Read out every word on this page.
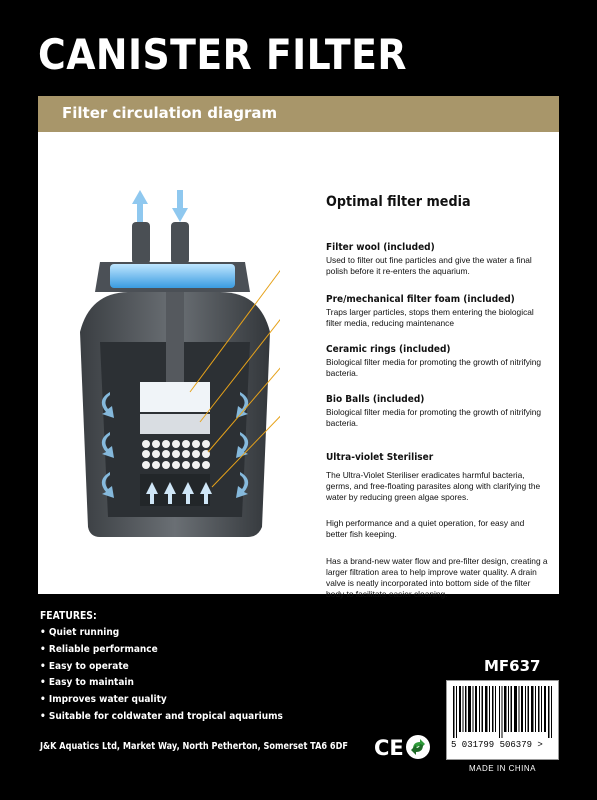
CANISTER FILTER
Filter circulation diagram
Optimal filter media
Filter wool (included)
Used to filter out fine particles and give the water a final polish before it re-enters the aquarium.
Pre/mechanical filter foam (included)
Traps larger particles, stops them entering the biological filter media, reducing maintenance
Ceramic rings (included)
Biological filter media for promoting the growth of nitrifying bacteria.
Bio Balls (included)
Biological filter media for promoting the growth of nitrifying bacteria.
Ultra-violet Steriliser
The Ultra-Violet Steriliser eradicates harmful bacteria, germs, and free-floating parasites along with clarifying the water by reducing green algae spores.
High performance and a quiet operation, for easy and better fish keeping.
Has a brand-new water flow and pre-filter design, creating a larger filtration area to help improve water quality. A drain valve is neatly incorporated into bottom side of the filter body to facilitate easier cleaning.
FEATURES:
• Quiet running
• Reliable performance
• Easy to operate
• Easy to maintain
• Improves water quality
• Suitable for coldwater and tropical aquariums
J&K Aquatics Ltd, Market Way, North Petherton, Somerset TA6 6DF CE
MF637
5 031799 506379 >
MADE IN CHINA
